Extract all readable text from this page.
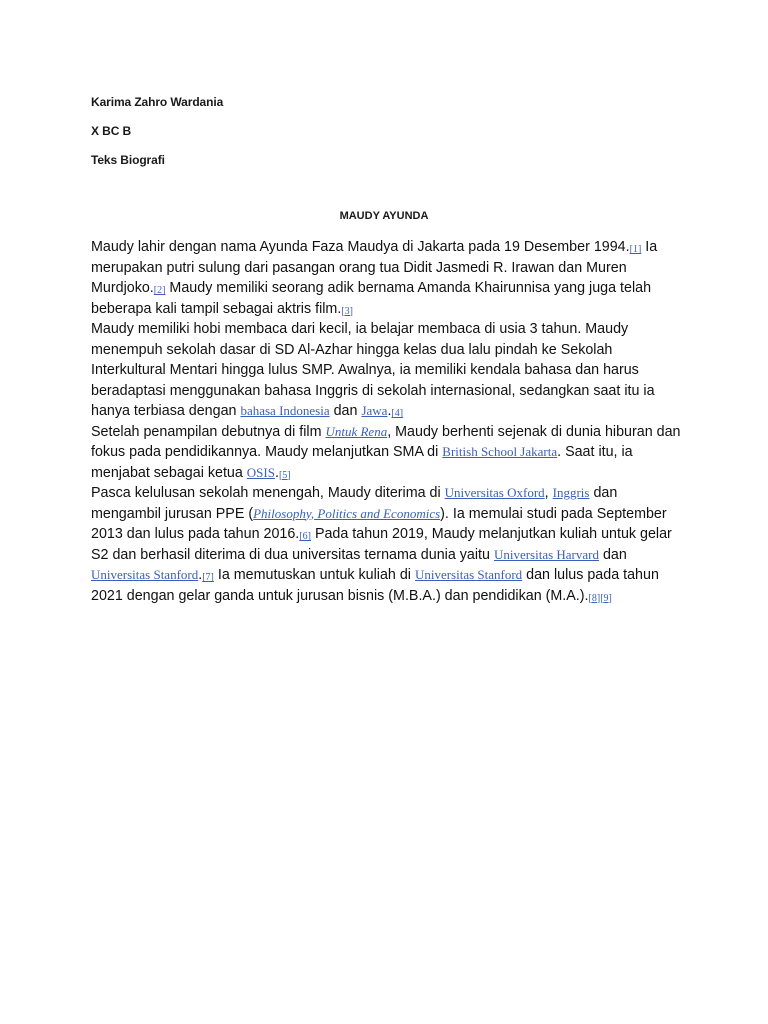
Karima Zahro Wardania
X BC B
Teks Biografi
MAUDY AYUNDA

Maudy lahir dengan nama Ayunda Faza Maudya di Jakarta pada 19 Desember 1994.[1] Ia merupakan putri sulung dari pasangan orang tua Didit Jasmedi R. Irawan dan Muren Murdjoko.[2] Maudy memiliki seorang adik bernama Amanda Khairunnisa yang juga telah beberapa kali tampil sebagai aktris film.[3]

Maudy memiliki hobi membaca dari kecil, ia belajar membaca di usia 3 tahun. Maudy menempuh sekolah dasar di SD Al-Azhar hingga kelas dua lalu pindah ke Sekolah Interkultural Mentari hingga lulus SMP. Awalnya, ia memiliki kendala bahasa dan harus beradaptasi menggunakan bahasa Inggris di sekolah internasional, sedangkan saat itu ia hanya terbiasa dengan bahasa Indonesia dan Jawa.[4]

Setelah penampilan debutnya di film Untuk Rena, Maudy berhenti sejenak di dunia hiburan dan fokus pada pendidikannya. Maudy melanjutkan SMA di British School Jakarta. Saat itu, ia menjabat sebagai ketua OSIS.[5]

Pasca kelulusan sekolah menengah, Maudy diterima di Universitas Oxford, Inggris dan mengambil jurusan PPE (Philosophy, Politics and Economics). Ia memulai studi pada September 2013 dan lulus pada tahun 2016.[6] Pada tahun 2019, Maudy melanjutkan kuliah untuk gelar S2 dan berhasil diterima di dua universitas ternama dunia yaitu Universitas Harvard dan Universitas Stanford.[7] Ia memutuskan untuk kuliah di Universitas Stanford dan lulus pada tahun 2021 dengan gelar ganda untuk jurusan bisnis (M.B.A.) dan pendidikan (M.A.).[8][9]
